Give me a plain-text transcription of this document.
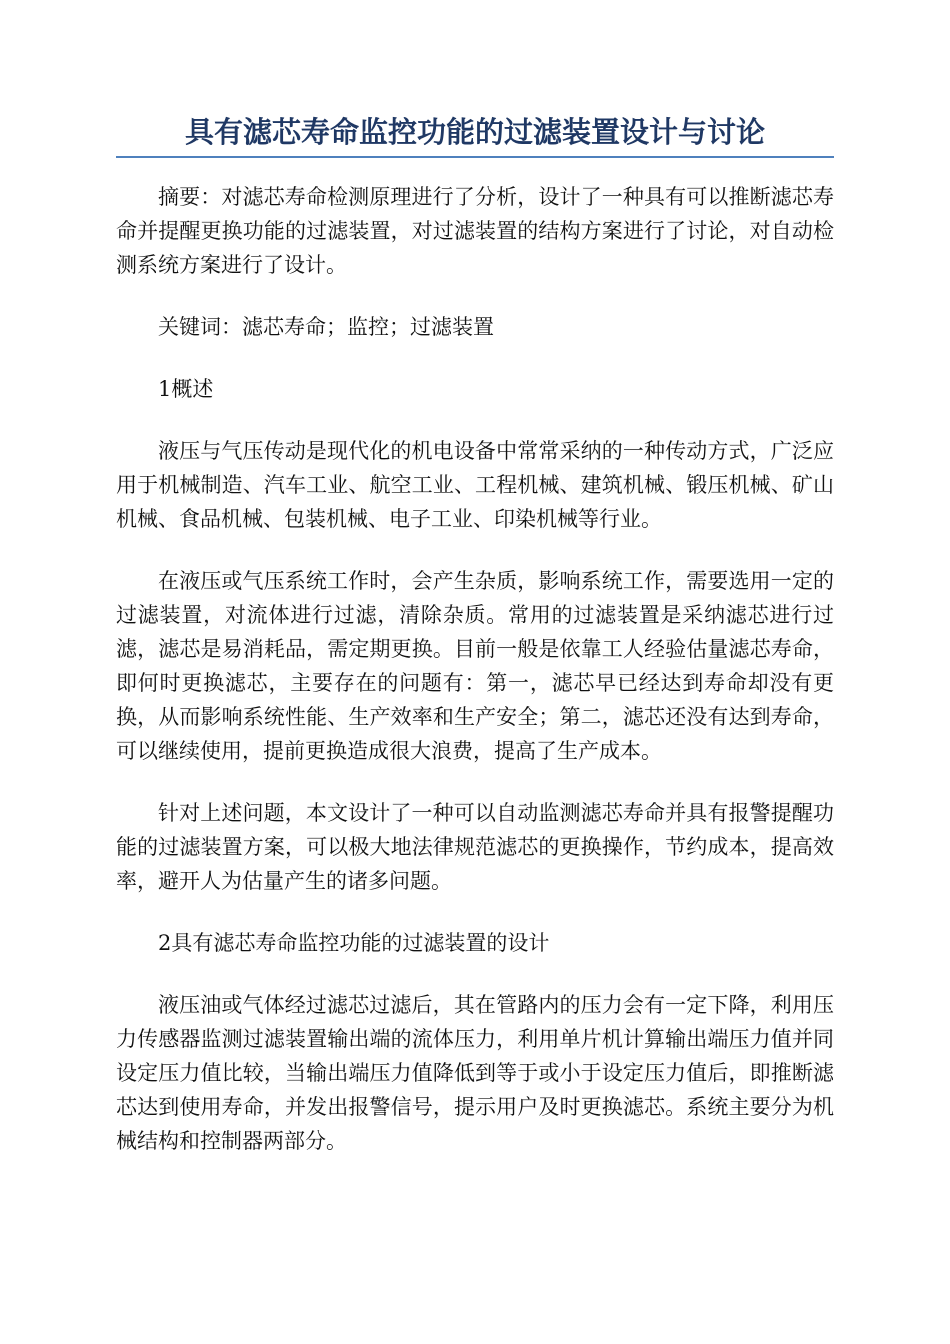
具有滤芯寿命监控功能的过滤装置设计与讨论

摘要：对滤芯寿命检测原理进行了分析，设计了一种具有可以推断滤芯寿命并提醒更换功能的过滤装置，对过滤装置的结构方案进行了讨论，对自动检测系统方案进行了设计。

关键词：滤芯寿命；监控；过滤装置

1概述

液压与气压传动是现代化的机电设备中常常采纳的一种传动方式，广泛应用于机械制造、汽车工业、航空工业、工程机械、建筑机械、锻压机械、矿山机械、食品机械、包装机械、电子工业、印染机械等行业。

在液压或气压系统工作时，会产生杂质，影响系统工作，需要选用一定的过滤装置，对流体进行过滤，清除杂质。常用的过滤装置是采纳滤芯进行过滤，滤芯是易消耗品，需定期更换。目前一般是依靠工人经验估量滤芯寿命，即何时更换滤芯，主要存在的问题有：第一，滤芯早已经达到寿命却没有更换，从而影响系统性能、生产效率和生产安全；第二，滤芯还没有达到寿命，可以继续使用，提前更换造成很大浪费，提高了生产成本。

针对上述问题，本文设计了一种可以自动监测滤芯寿命并具有报警提醒功能的过滤装置方案，可以极大地法律规范滤芯的更换操作，节约成本，提高效率，避开人为估量产生的诸多问题。

2具有滤芯寿命监控功能的过滤装置的设计

液压油或气体经过滤芯过滤后，其在管路内的压力会有一定下降，利用压力传感器监测过滤装置输出端的流体压力，利用单片机计算输出端压力值并同设定压力值比较，当输出端压力值降低到等于或小于设定压力值后，即推断滤芯达到使用寿命，并发出报警信号，提示用户及时更换滤芯。系统主要分为机械结构和控制器两部分。
